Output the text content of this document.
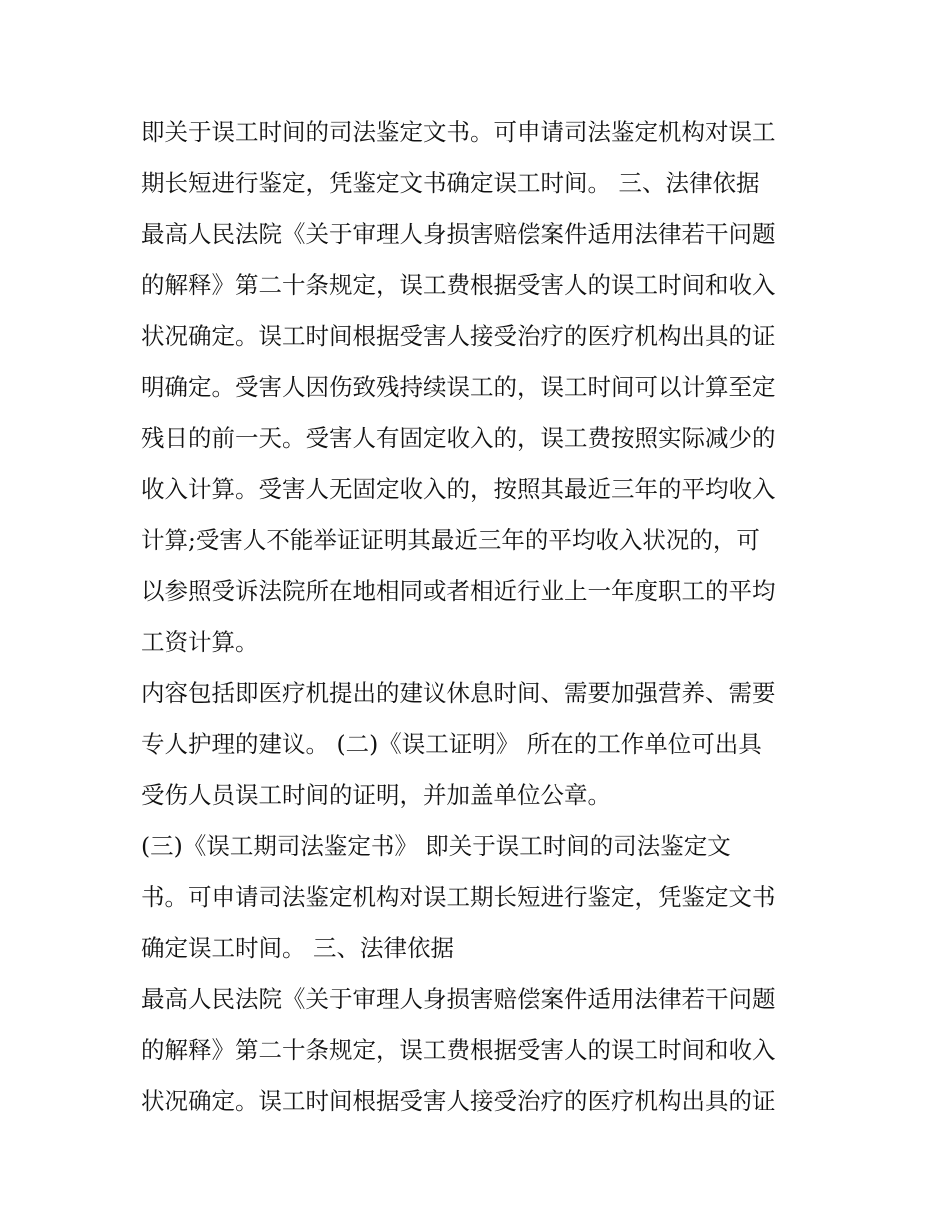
即关于误工时间的司法鉴定文书。可申请司法鉴定机构对误工
期长短进行鉴定，凭鉴定文书确定误工时间。 三、法律依据
最高人民法院《关于审理人身损害赔偿案件适用法律若干问题
的解释》第二十条规定，误工费根据受害人的误工时间和收入
状况确定。误工时间根据受害人接受治疗的医疗机构出具的证
明确定。受害人因伤致残持续误工的，误工时间可以计算至定
残日的前一天。受害人有固定收入的，误工费按照实际减少的
收入计算。受害人无固定收入的，按照其最近三年的平均收入
计算;受害人不能举证证明其最近三年的平均收入状况的，可
以参照受诉法院所在地相同或者相近行业上一年度职工的平均
工资计算。
内容包括即医疗机提出的建议休息时间、需要加强营养、需要
专人护理的建议。 (二)《误工证明》 所在的工作单位可出具
受伤人员误工时间的证明，并加盖单位公章。
(三)《误工期司法鉴定书》 即关于误工时间的司法鉴定文
书。可申请司法鉴定机构对误工期长短进行鉴定，凭鉴定文书
确定误工时间。 三、法律依据
最高人民法院《关于审理人身损害赔偿案件适用法律若干问题
的解释》第二十条规定，误工费根据受害人的误工时间和收入
状况确定。误工时间根据受害人接受治疗的医疗机构出具的证
